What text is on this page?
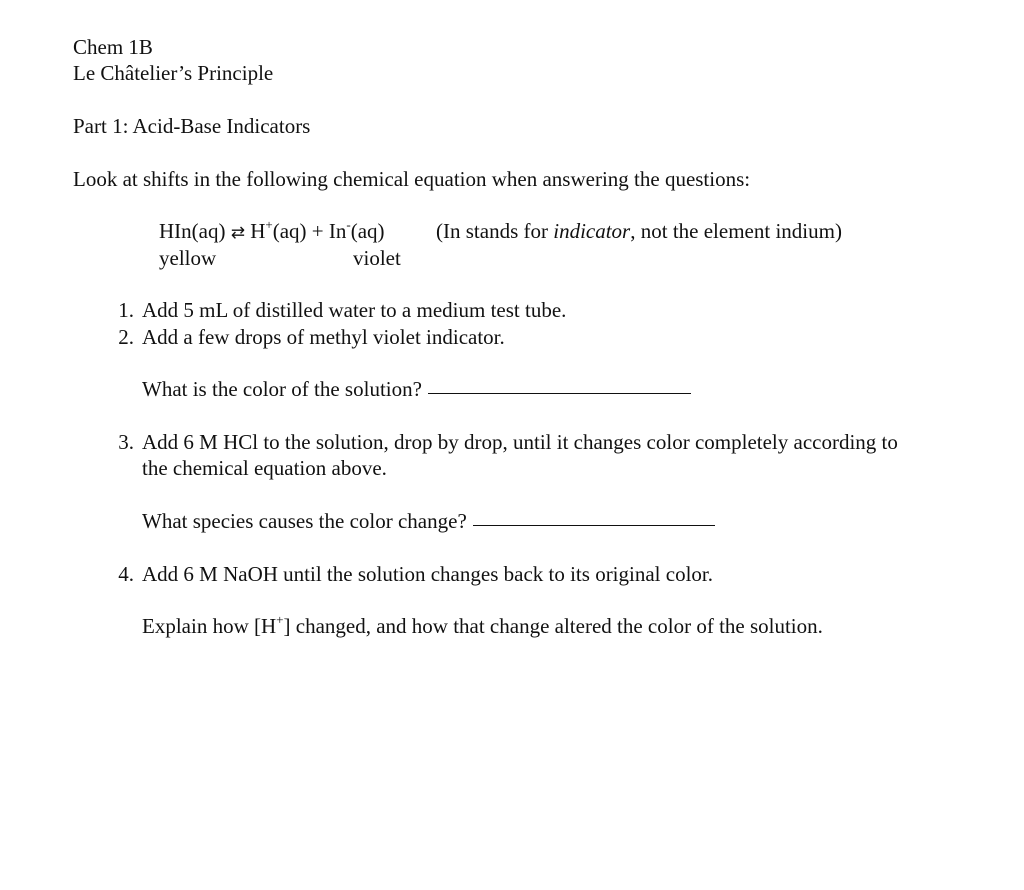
Chem 1B
Le Châtelier’s Principle
Part 1: Acid-Base Indicators
Look at shifts in the following chemical equation when answering the questions:
HIn(aq) ⇄ H+(aq) + In-(aq) (In stands for indicator, not the element indium)
yellow	violet
1. Add 5 mL of distilled water to a medium test tube.
2. Add a few drops of methyl violet indicator.
What is the color of the solution?
3. Add 6 M HCl to the solution, drop by drop, until it changes color completely according to
the chemical equation above.
What species causes the color change?
4. Add 6 M NaOH until the solution changes back to its original color.
Explain how [H+] changed, and how that change altered the color of the solution.
